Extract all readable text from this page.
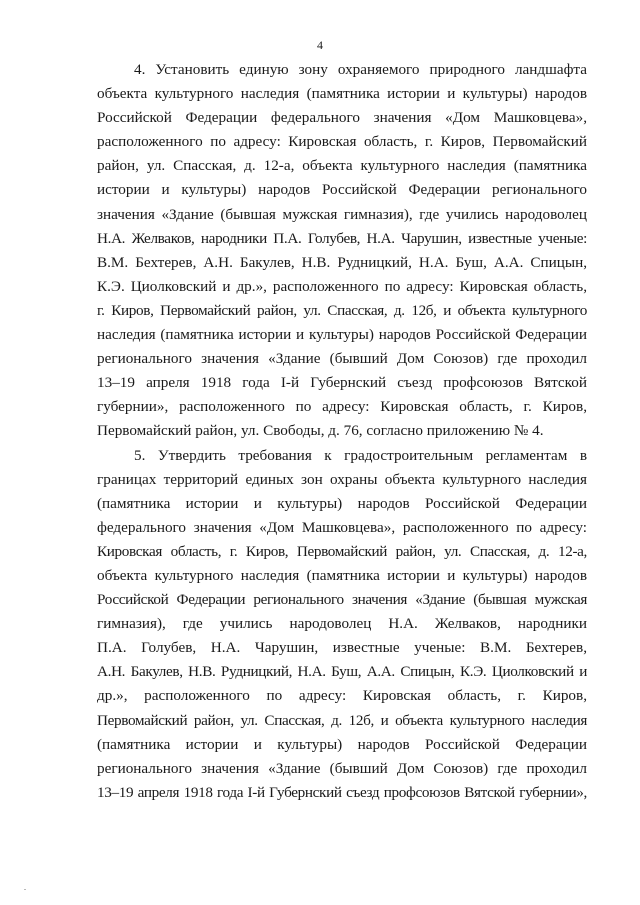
4
4. Установить единую зону охраняемого природного ландшафта
объекта культурного наследия (памятника истории и культуры) народов
Российской Федерации федерального значения «Дом Машковцева»,
расположенного по адресу: Кировская область, г. Киров, Первомайский
район, ул. Спасская, д. 12-а, объекта культурного наследия (памятника
истории и культуры) народов Российской Федерации регионального
значения «Здание (бывшая мужская гимназия), где учились народоволец
Н.А. Желваков, народники П.А. Голубев, Н.А. Чарушин, известные ученые:
В.М. Бехтерев, А.Н. Бакулев, Н.В. Рудницкий, Н.А. Буш, А.А. Спицын,
К.Э. Циолковский и др.», расположенного по адресу: Кировская область,
г. Киров, Первомайский район, ул. Спасская, д. 12б, и объекта культурного
наследия (памятника истории и культуры) народов Российской Федерации
регионального значения «Здание (бывший Дом Союзов) где проходил
13–19 апреля 1918 года I-й Губернский съезд профсоюзов Вятской
губернии», расположенного по адресу: Кировская область, г. Киров,
Первомайский район, ул. Свободы, д. 76, согласно приложению № 4.
5. Утвердить требования к градостроительным регламентам в
границах территорий единых зон охраны объекта культурного наследия
(памятника истории и культуры) народов Российской Федерации
федерального значения «Дом Машковцева», расположенного по адресу:
Кировская область, г. Киров, Первомайский район, ул. Спасская, д. 12-а,
объекта культурного наследия (памятника истории и культуры) народов
Российской Федерации регионального значения «Здание (бывшая мужская
гимназия), где учились народоволец Н.А. Желваков, народники
П.А. Голубев, Н.А. Чарушин, известные ученые: В.М. Бехтерев,
А.Н. Бакулев, Н.В. Рудницкий, Н.А. Буш, А.А. Спицын, К.Э. Циолковский и
др.», расположенного по адресу: Кировская область, г. Киров,
Первомайский район, ул. Спасская, д. 12б, и объекта культурного наследия
(памятника истории и культуры) народов Российской Федерации
регионального значения «Здание (бывший Дом Союзов) где проходил
13–19 апреля 1918 года I-й Губернский съезд профсоюзов Вятской губернии»,
